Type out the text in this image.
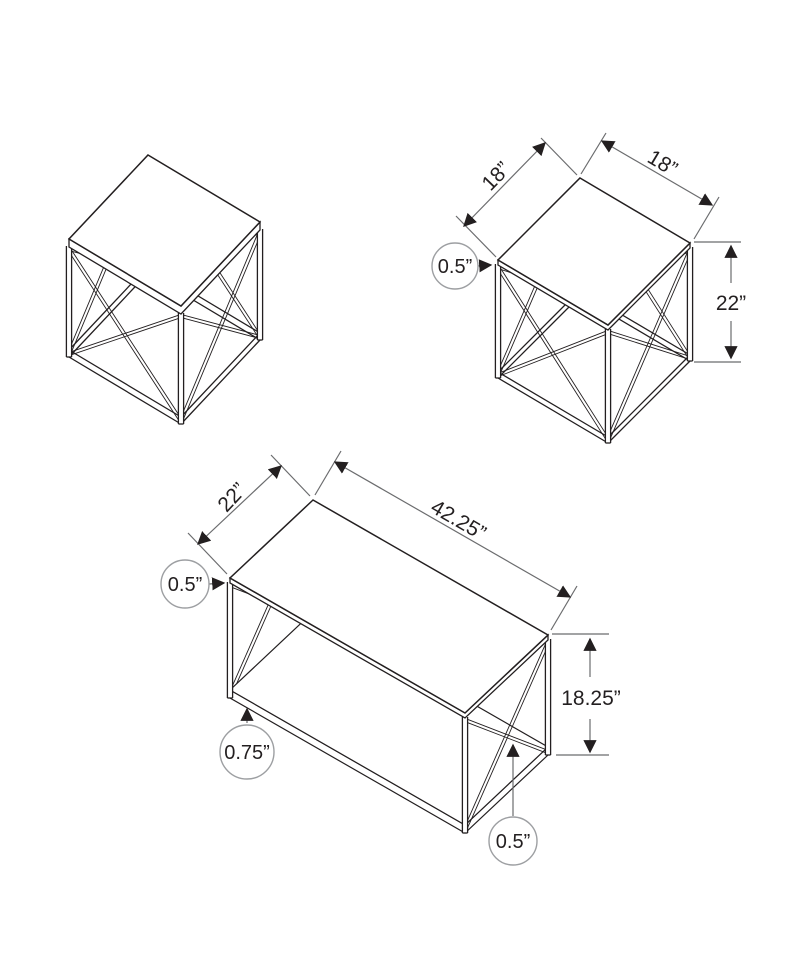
18”	18”
22”
0.5”
22”	42.25”
18.25”
0.5”
0.75”
0.5”
